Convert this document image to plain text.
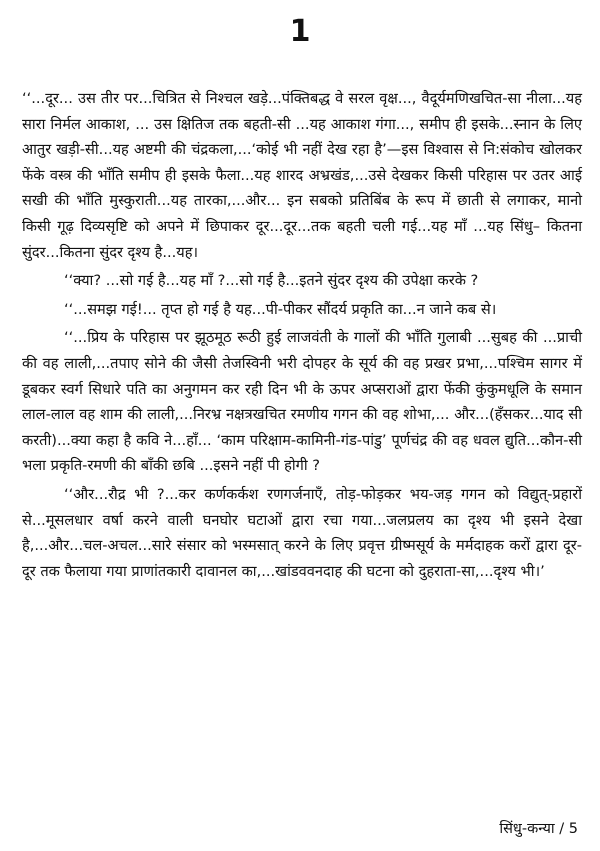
1

‘‘...दूर... उस तीर पर...चित्रित से निश्चल खड़े...पंक्तिबद्ध वे सरल वृक्ष..., वैदूर्यमणिखचित-सा नीला...यह सारा निर्मल आकाश, ... उस क्षितिज तक बहती-सी ...यह आकाश गंगा..., समीप ही इसके...स्नान के लिए आतुर खड़ी-सी...यह अष्टमी की चंद्रकला,...‘कोई भी नहीं देख रहा है’—इस विश्वास से नि:संकोच खोलकर फेंके वस्त्र की भाँति समीप ही इसके फैला...यह शारद अभ्रखंड,...उसे देखकर किसी परिहास पर उतर आई सखी की भाँति मुस्कुराती...यह तारका,...और... इन सबको प्रतिबिंब के रूप में छाती से लगाकर, मानो किसी गूढ़ दिव्यसृष्टि को अपने में छिपाकर दूर...दूर...तक बहती चली गई...यह माँ ...यह सिंधु– कितना सुंदर...कितना सुंदर दृश्य है...यह।

‘‘क्या? ...सो गई है...यह माँ ?...सो गई है...इतने सुंदर दृश्य की उपेक्षा करके ?

‘‘...समझ गई!... तृप्त हो गई है यह...पी-पीकर सौंदर्य प्रकृति का...न जाने कब से।

‘‘...प्रिय के परिहास पर झूठमूठ रूठी हुई लाजवंती के गालों की भाँति गुलाबी ...सुबह की ...प्राची की वह लाली,...तपाए सोने की जैसी तेजस्विनी भरी दोपहर के सूर्य की वह प्रखर प्रभा,...पश्चिम सागर में डूबकर स्वर्ग सिधारे पति का अनुगमन कर रही दिन भी के ऊपर अप्सराओं द्वारा फेंकी कुंकुमधूलि के समान लाल-लाल वह शाम की लाली,...निरभ्र नक्षत्रखचित रमणीय गगन की वह शोभा,... और...(हँसकर...याद सी करती)...क्या कहा है कवि ने...हाँ... ‘काम परिक्षाम-कामिनी-गंड-पांडु’ पूर्णचंद्र की वह धवल द्युति...कौन-सी भला प्रकृति-रमणी की बाँकी छबि ...इसने नहीं पी होगी ?

‘‘और...रौद्र भी ?...कर कर्णकर्कश रणगर्जनाएँ, तोड़-फोड़कर भय-जड़ गगन को विद्युत्-प्रहारों से...मूसलधार वर्षा करने वाली घनघोर घटाओं द्वारा रचा गया...जलप्रलय का दृश्य भी इसने देखा है,...और...चल-अचल...सारे संसार को भस्मसात् करने के लिए प्रवृत्त ग्रीष्मसूर्य के मर्मदाहक करों द्वारा दूर-दूर तक फैलाया गया प्राणांतकारी दावानल का,...खांडववनदाह की घटना को दुहराता-सा,...दृश्य भी।’

सिंधु-कन्या / 5
